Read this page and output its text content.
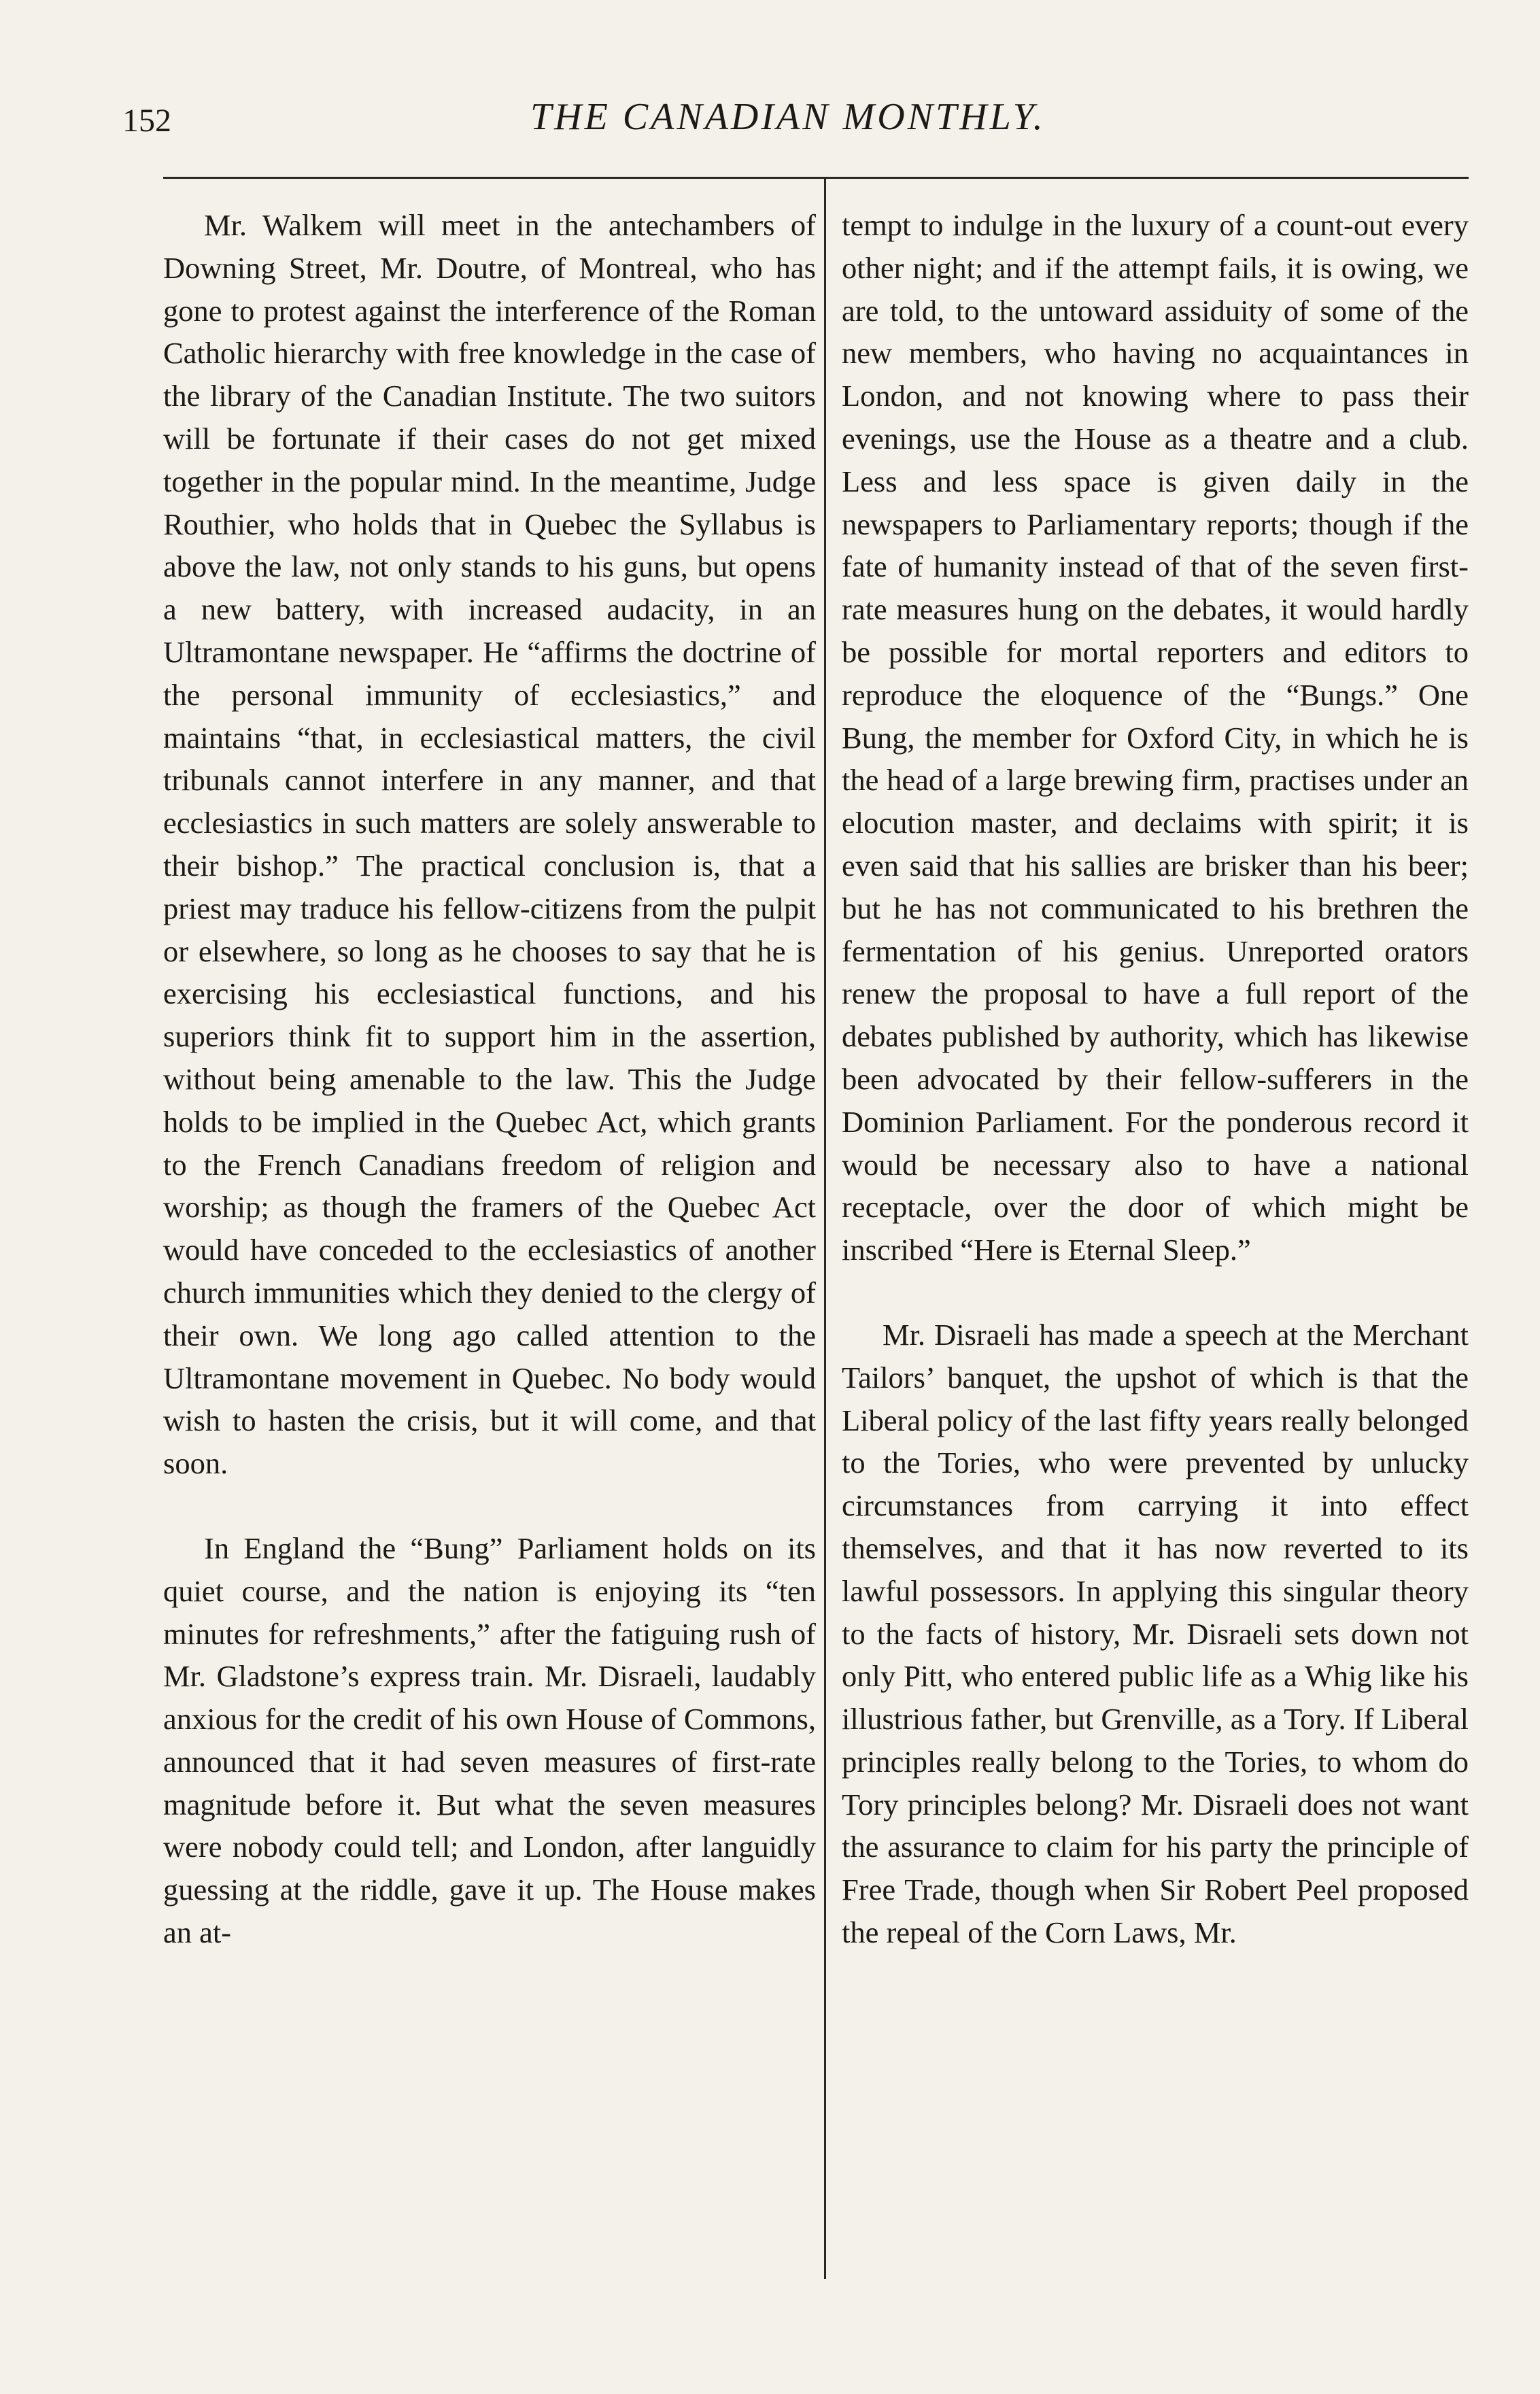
152	THE CANADIAN MONTHLY.

Mr. Walkem will meet in the antechambers of Downing Street, Mr. Doutre, of Montreal, who has gone to protest against the interference of the Roman Catholic hierarchy with free knowledge in the case of the library of the Canadian Institute. The two suitors will be fortunate if their cases do not get mixed together in the popular mind. In the meantime, Judge Routhier, who holds that in Quebec the Syllabus is above the law, not only stands to his guns, but opens a new battery, with increased audacity, in an Ultramontane newspaper. He “affirms the doctrine of the personal immunity of ecclesiastics,” and maintains “that, in ecclesiastical matters, the civil tribunals cannot interfere in any manner, and that ecclesiastics in such matters are solely answerable to their bishop.” The practical conclusion is, that a priest may traduce his fellow-citizens from the pulpit or elsewhere, so long as he chooses to say that he is exercising his ecclesiastical functions, and his superiors think fit to support him in the assertion, without being amenable to the law. This the Judge holds to be implied in the Quebec Act, which grants to the French Canadians freedom of religion and worship; as though the framers of the Quebec Act would have conceded to the ecclesiastics of another church immunities which they denied to the clergy of their own. We long ago called attention to the Ultramontane movement in Quebec. No body would wish to hasten the crisis, but it will come, and that soon.

In England the “Bung” Parliament holds on its quiet course, and the nation is enjoying its “ten minutes for refreshments,” after the fatiguing rush of Mr. Gladstone’s express train. Mr. Disraeli, laudably anxious for the credit of his own House of Commons, announced that it had seven measures of first-rate magnitude before it. But what the seven measures were nobody could tell; and London, after languidly guessing at the riddle, gave it up. The House makes an at-

tempt to indulge in the luxury of a count-out every other night; and if the attempt fails, it is owing, we are told, to the untoward assiduity of some of the new members, who having no acquaintances in London, and not knowing where to pass their evenings, use the House as a theatre and a club. Less and less space is given daily in the newspapers to Parliamentary reports; though if the fate of humanity instead of that of the seven first-rate measures hung on the debates, it would hardly be possible for mortal reporters and editors to reproduce the eloquence of the “Bungs.” One Bung, the member for Oxford City, in which he is the head of a large brewing firm, practises under an elocution master, and declaims with spirit; it is even said that his sallies are brisker than his beer; but he has not communicated to his brethren the fermentation of his genius. Unreported orators renew the proposal to have a full report of the debates published by authority, which has likewise been advocated by their fellow-sufferers in the Dominion Parliament. For the ponderous record it would be necessary also to have a national receptacle, over the door of which might be inscribed “Here is Eternal Sleep.”

Mr. Disraeli has made a speech at the Merchant Tailors’ banquet, the upshot of which is that the Liberal policy of the last fifty years really belonged to the Tories, who were prevented by unlucky circumstances from carrying it into effect themselves, and that it has now reverted to its lawful possessors. In applying this singular theory to the facts of history, Mr. Disraeli sets down not only Pitt, who entered public life as a Whig like his illustrious father, but Grenville, as a Tory. If Liberal principles really belong to the Tories, to whom do Tory principles belong? Mr. Disraeli does not want the assurance to claim for his party the principle of Free Trade, though when Sir Robert Peel proposed the repeal of the Corn Laws, Mr.
